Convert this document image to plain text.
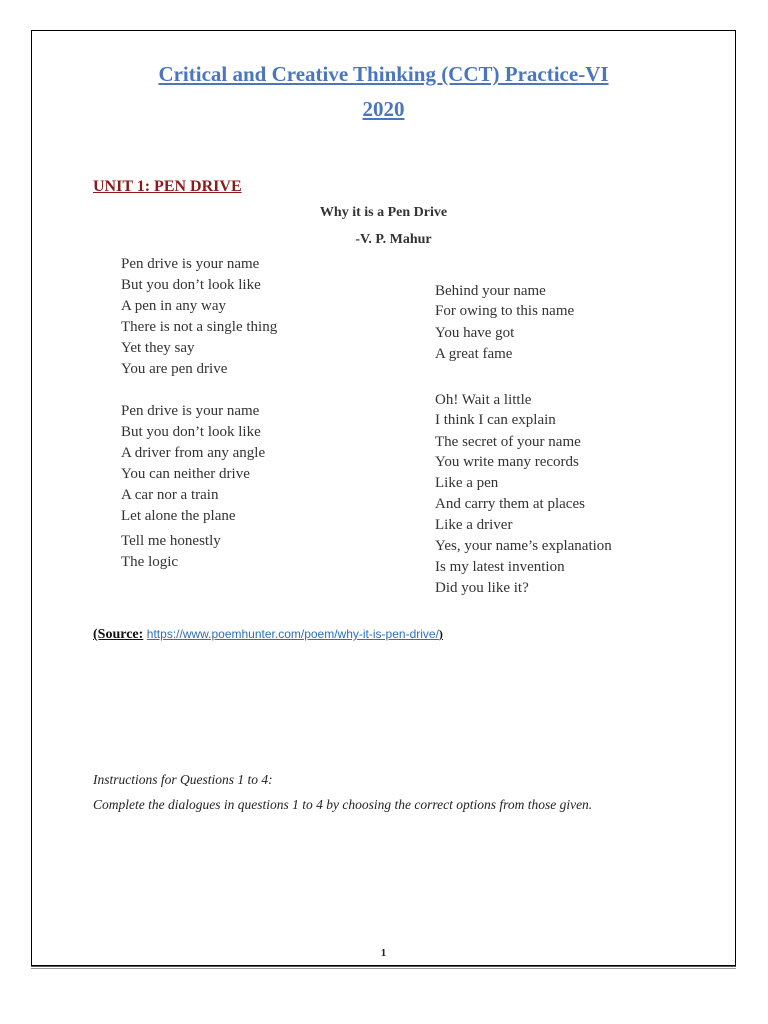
Critical and Creative Thinking (CCT) Practice-VI
2020
UNIT 1: PEN DRIVE
Why it is a Pen Drive
-V. P. Mahur
Pen drive is your name
But you don’t look like
A pen in any way
There is not a single thing
Yet they say
You are pen drive
Pen drive is your name
But you don’t look like
A driver from any angle
You can neither drive
A car nor a train
Let alone the plane
Tell me honestly
The logic
Behind your name
For owing to this name
You have got
A great fame
Oh! Wait a little
I think I can explain
The secret of your name
You write many records
Like a pen
And carry them at places
Like a driver
Yes, your name’s explanation
Is my latest invention
Did you like it?
(Source: https://www.poemhunter.com/poem/why-it-is-pen-drive/)
Instructions for Questions 1 to 4:
Complete the dialogues in questions 1 to 4 by choosing the correct options from those given.
1
